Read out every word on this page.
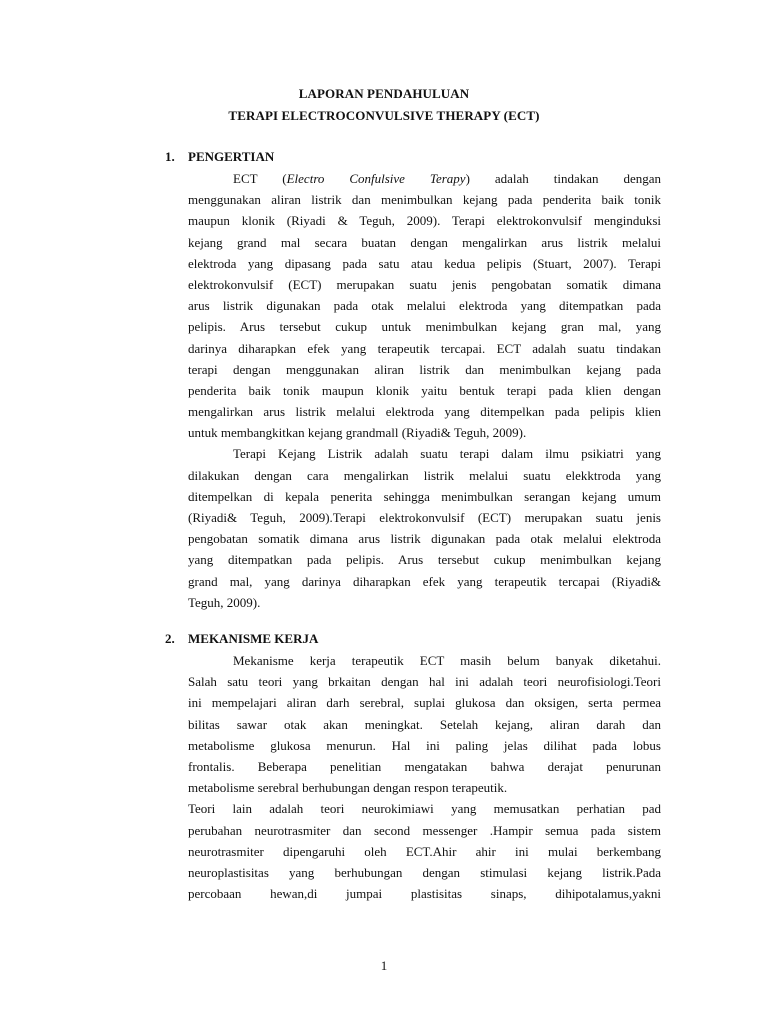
LAPORAN PENDAHULUAN
TERAPI ELECTROCONVULSIVE THERAPY (ECT)
1. PENGERTIAN
ECT (Electro Confulsive Terapy) adalah tindakan dengan
menggunakan aliran listrik dan menimbulkan kejang pada penderita baik tonik
maupun klonik (Riyadi & Teguh, 2009). Terapi elektrokonvulsif menginduksi
kejang grand mal secara buatan dengan mengalirkan arus listrik melalui
elektroda yang dipasang pada satu atau kedua pelipis (Stuart, 2007). Terapi
elektrokonvulsif (ECT) merupakan suatu jenis pengobatan somatik dimana
arus listrik digunakan pada otak melalui elektroda yang ditempatkan pada
pelipis. Arus tersebut cukup untuk menimbulkan kejang gran mal, yang
darinya diharapkan efek yang terapeutik tercapai. ECT adalah suatu tindakan
terapi dengan menggunakan aliran listrik dan menimbulkan kejang pada
penderita baik tonik maupun klonik yaitu bentuk terapi pada klien dengan
mengalirkan arus listrik melalui elektroda yang ditempelkan pada pelipis klien
untuk membangkitkan kejang grandmall (Riyadi& Teguh, 2009).
Terapi Kejang Listrik adalah suatu terapi dalam ilmu psikiatri yang
dilakukan dengan cara mengalirkan listrik melalui suatu elekktroda yang
ditempelkan di kepala penerita sehingga menimbulkan serangan kejang umum
(Riyadi& Teguh, 2009).Terapi elektrokonvulsif (ECT) merupakan suatu jenis
pengobatan somatik dimana arus listrik digunakan pada otak melalui elektroda
yang ditempatkan pada pelipis. Arus tersebut cukup menimbulkan kejang
grand mal, yang darinya diharapkan efek yang terapeutik tercapai (Riyadi&
Teguh, 2009).
2. MEKANISME KERJA
Mekanisme kerja terapeutik ECT masih belum banyak diketahui.
Salah satu teori yang brkaitan dengan hal ini adalah teori neurofisiologi.Teori
ini mempelajari aliran darh serebral, suplai glukosa dan oksigen, serta permea
bilitas sawar otak akan meningkat. Setelah kejang, aliran darah dan
metabolisme glukosa menurun. Hal ini paling jelas dilihat pada lobus
frontalis. Beberapa penelitian mengatakan bahwa derajat penurunan
metabolisme serebral berhubungan dengan respon terapeutik.
Teori lain adalah teori neurokimiawi yang memusatkan perhatian pad
perubahan neurotrasmiter dan second messenger .Hampir semua pada sistem
neurotrasmiter dipengaruhi oleh ECT.Ahir ahir ini mulai berkembang
neuroplastisitas yang berhubungan dengan stimulasi kejang listrik.Pada
percobaan hewan,di jumpai plastisitas sinaps, dihipotalamus,yakni
1
